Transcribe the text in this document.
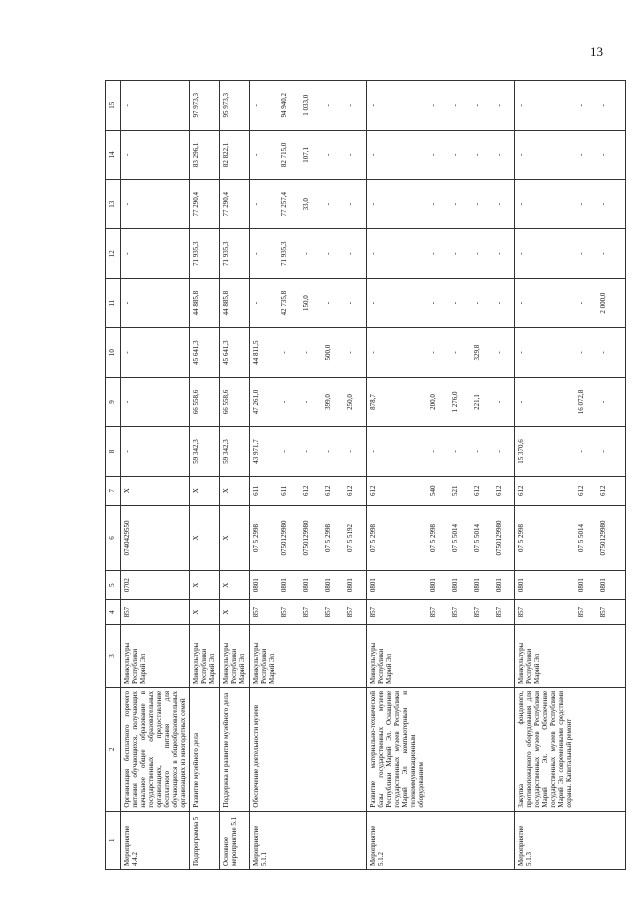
13
1	2	3	4	5	6	7	8	9	10	11	12	13	14	15
Мероприятие 4.4.2	Организация бесплатного горячего питания обучающихся, получающих начальное общее образование в государственных образовательных организациях, предоставление бесплатного питания для обучающихся в общеобразовательных организациях из многодетных семей	Минкультуры Республики Марий Эл	857	0702	0740429550	X	-	-	-	-	-	-	-	-
Подпрограмма 5	Развитие музейного дела	Минкультуры Республики Марий Эл	X	X	X	X	59 342,3	66 558,6	45 641,3	44 885,8	71 935,3	77 290,4	83 296,1	97 973,3
Основное мероприятие 5.1	Поддержка и развитие музейного дела	Минкультуры Республики Марий Эл	X	X	X	X	59 342,3	66 558,6	45 641,3	44 885,8	71 935,3	77 290,4	82 822,1	95 973,3
Мероприятие 5.1.1	Обеспечение деятельности музеев	Минкультуры Республики Марий Эл	857	0801	07 5 2998	611	43 971,7	47 261,0	44 811,5	-	-	-	-	-
			857	0801	0750129980	611	-	-	-	42 735,8	71 935,3	77 257,4	82 715,0	94 940,2
			857	0801	0750129980	612	-	-	-	150,0	-	33,0	107,1	1 033,0
			857	0801	07 5 2998	612	-	399,0	500,0	-	-	-	-	-
			857	0801	07 5 5192	612	-	250,0	-	-	-	-	-	-
Мероприятие 5.1.2	Развитие материально-технической базы государственных музеев Республики Марий Эл. Оснащение государственных музеев Республики Марий Эл компьютерным и телекоммуникационным оборудованием	Минкультуры Республики Марий Эл	857	0801	07 5 2998	612	-	878,7	-	-	-	-	-	-
			857	0801	07 5 2998	540	-	200,0	-	-	-	-	-	-
			857	0801	07 5 5014	521	-	1 276,0	-	-	-	-	-	-
			857	0801	07 5 5014	612	-	221,1	329,8	-	-	-	-	-
			857	0801	0750129980	612	-	-	-	-	-	-	-	-
Мероприятие 5.1.3	Закупка фондового, противопожарного оборудования для государственных музеев Республики Марий Эл. Обеспечение государственных музеев Республики Марий Эл современными средствами охраны. Капитальный ремонт	Минкультуры Республики Марий Эл	857	0801	07 5 2998	612	15 370,6	-	-	-	-	-	-	-
			857	0801	07 5 5014	612	-	16 072,8	-	-	-	-	-	-
			857	0801	0750129980	612	-	-	-	2 000,0	-	-	-	-
